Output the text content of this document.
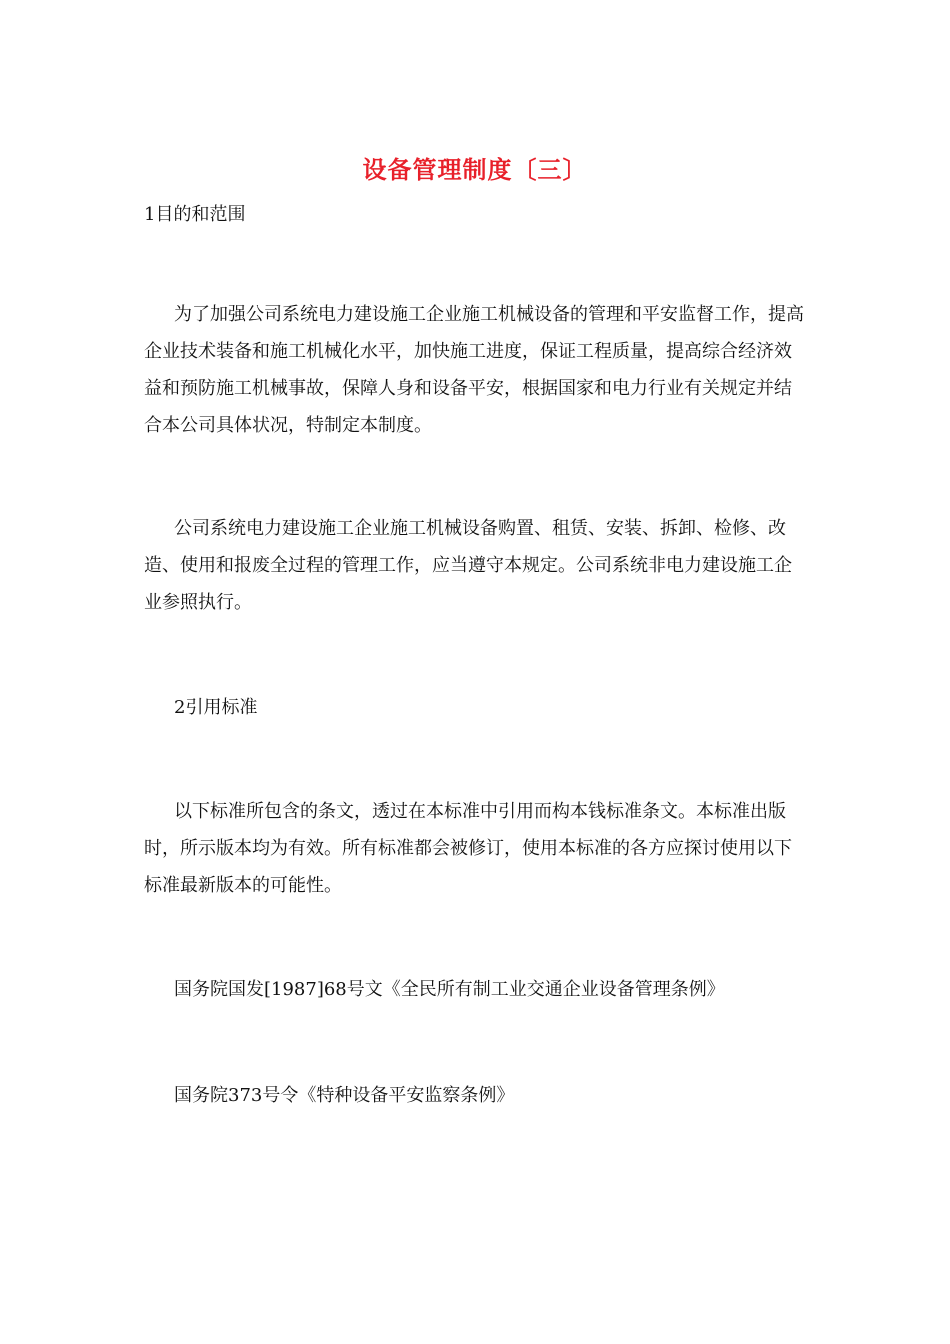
设备管理制度〔三〕

1目的和范围

为了加强公司系统电力建设施工企业施工机械设备的管理和平安监督工作，提高企业技术装备和施工机械化水平，加快施工进度，保证工程质量，提高综合经济效益和预防施工机械事故，保障人身和设备平安，根据国家和电力行业有关规定并结合本公司具体状况，特制定本制度。

公司系统电力建设施工企业施工机械设备购置、租赁、安装、拆卸、检修、改造、使用和报废全过程的管理工作，应当遵守本规定。公司系统非电力建设施工企业参照执行。

2引用标准

以下标准所包含的条文，透过在本标准中引用而构本钱标准条文。本标准出版时，所示版本均为有效。所有标准都会被修订，使用本标准的各方应探讨使用以下标准最新版本的可能性。

国务院国发[1987]68号文《全民所有制工业交通企业设备管理条例》

国务院373号令《特种设备平安监察条例》
